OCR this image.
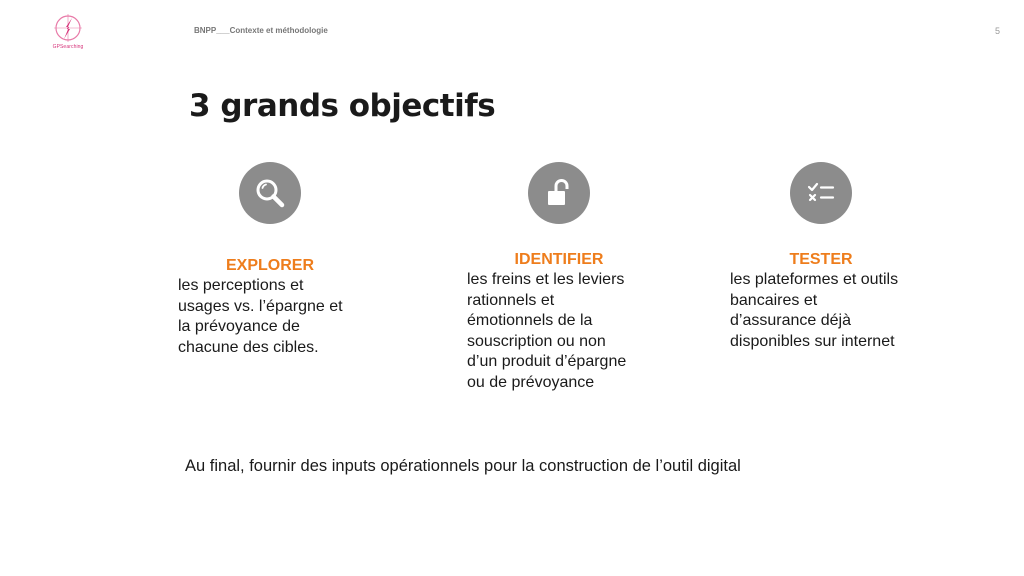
GPSearching
BNPP___Contexte et méthodologie	5
3 grands objectifs
EXPLORER
les perceptions et
usages vs. l’épargne et
la prévoyance de
chacune des cibles.
IDENTIFIER
les freins et les leviers
rationnels et
émotionnels de la
souscription ou non
d’un produit d’épargne
ou de prévoyance
TESTER
les plateformes et outils
bancaires et
d’assurance déjà
disponibles sur internet
Au final, fournir des inputs opérationnels pour la construction de l’outil digital
